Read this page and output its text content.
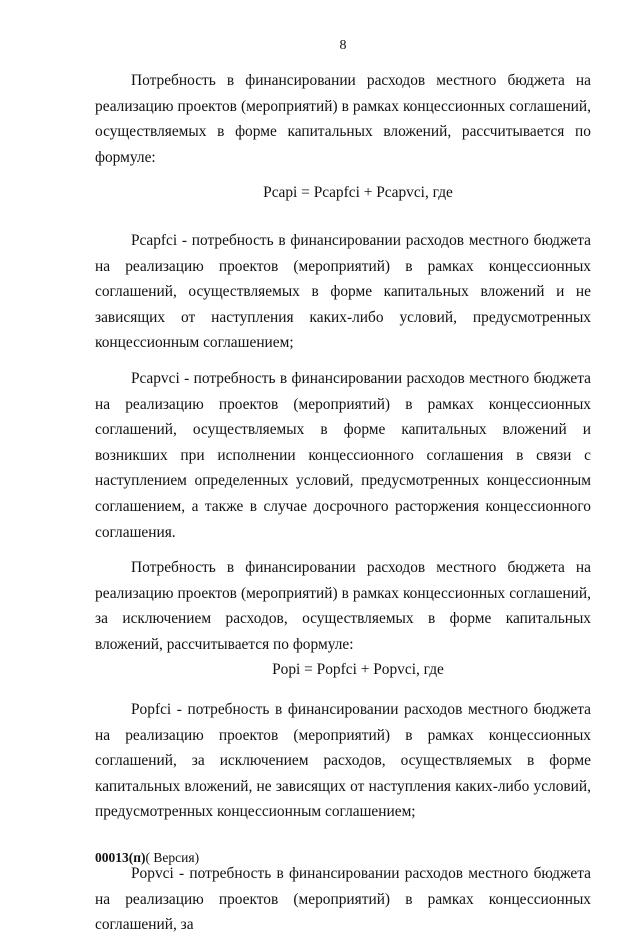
8

Потребность в финансировании расходов местного бюджета на реализацию проектов (мероприятий) в рамках концессионных соглашений, осуществляемых в форме капитальных вложений, рассчитывается по формуле:

Pcapi = Pcapfci + Pcapvci, где

Pcapfci - потребность в финансировании расходов местного бюджета на реализацию проектов (мероприятий) в рамках концессионных соглашений, осуществляемых в форме капитальных вложений и не зависящих от наступления каких-либо условий, предусмотренных концессионным соглашением;

Pcapvci - потребность в финансировании расходов местного бюджета на реализацию проектов (мероприятий) в рамках концессионных соглашений, осуществляемых в форме капитальных вложений и возникших при исполнении концессионного соглашения в связи с наступлением определенных условий, предусмотренных концессионным соглашением, а также в случае досрочного расторжения концессионного соглашения.

Потребность в финансировании расходов местного бюджета на реализацию проектов (мероприятий) в рамках концессионных соглашений, за исключением расходов, осуществляемых в форме капитальных вложений, рассчитывается по формуле:

Popi = Popfci + Popvci, где

Popfci - потребность в финансировании расходов местного бюджета на реализацию проектов (мероприятий) в рамках концессионных соглашений, за исключением расходов, осуществляемых в форме капитальных вложений, не зависящих от наступления каких-либо условий, предусмотренных концессионным соглашением;

Popvci - потребность в финансировании расходов местного бюджета на реализацию проектов (мероприятий) в рамках концессионных соглашений, за

00013(п)( Версия)
